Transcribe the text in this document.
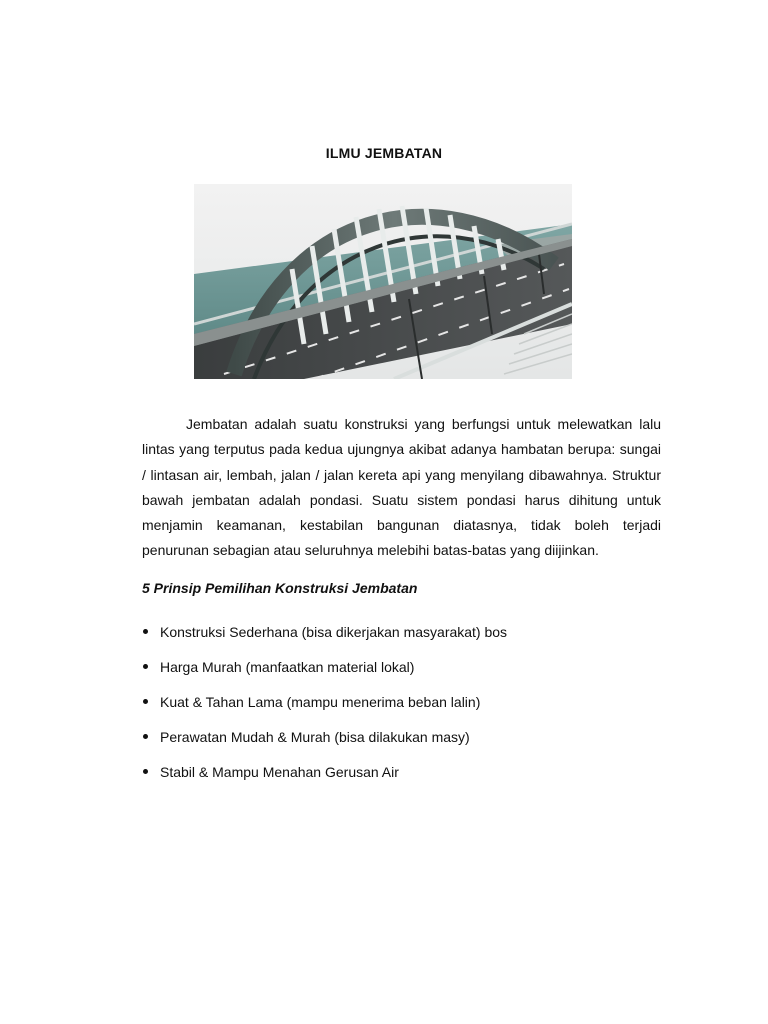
ILMU JEMBATAN

Jembatan adalah suatu konstruksi yang berfungsi untuk melewatkan lalu lintas yang terputus pada kedua ujungnya akibat adanya hambatan berupa: sungai / lintasan air, lembah, jalan / jalan kereta api yang menyilang dibawahnya. Struktur bawah jembatan adalah pondasi. Suatu sistem pondasi harus dihitung untuk menjamin keamanan, kestabilan bangunan diatasnya, tidak boleh terjadi penurunan sebagian atau seluruhnya melebihi batas-batas yang diijinkan.

5 Prinsip Pemilihan Konstruksi Jembatan

Konstruksi Sederhana (bisa dikerjakan masyarakat) bos
Harga Murah (manfaatkan material lokal)
Kuat & Tahan Lama (mampu menerima beban lalin)
Perawatan Mudah & Murah (bisa dilakukan masy)
Stabil & Mampu Menahan Gerusan Air
